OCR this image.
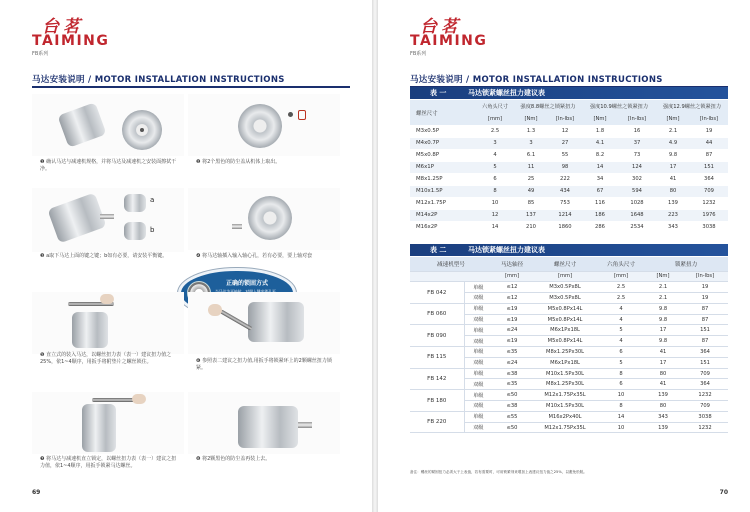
台茗
TAIMING
FB系列
马达安装说明 / MOTOR INSTALLATION INSTRUCTIONS
❶ 确认马达与减速机规格，并将马达及减速机之安装面擦拭干净。
❷ 将2个黑色的防尘盖从机体上取出。
a
b
❸ a取下马达上面的键之键；b如有必要，请安装平衡键。	❹ 将马达轴插入输入轴心孔，若有必要，要上轴对套
正确的锁固方式
❺ 直立式的装入马达，以螺丝扭力表（表一）建议扭力值之25%，依1~4顺序，用扳手将附垫片之螺丝锁住。	❻ 参照表二建议之扭力值,用扳手将锁紧环上的2颗螺丝扭力锁紧。
❼ 将马达与减速机直立锁定，以螺丝扭力表（表一）建议之扭力值，依1~4顺序，用扳手锁紧马达螺丝。
❽ 将2颗黑色的防尘盖再装上去。
69
台茗
TAIMING
FB系列
马达安装说明 / MOTOR INSTALLATION INSTRUCTIONS
表 一	马达锁紧螺丝扭力建议表
螺丝尺寸	六角头尺寸	强度8.8螺丝之锁紧扭力		强度10.9螺丝之锁紧扭力		强度12.9螺丝之锁紧扭力	
	[mm]	[Nm]	[In-lbs]	[Nm]	[In-lbs]	[Nm]	[In-lbs]
M3x0.5P	2.5	1.3	12	1.8	16	2.1	19
M4x0.7P	3	3	27	4.1	37	4.9	44
M5x0.8P	4	6.1	55	8.2	73	9.8	87
M6x1P	5	11	98	14	124	17	151
M8x1.25P	6	25	222	34	302	41	364
M10x1.5P	8	49	434	67	594	80	709
M12x1.75P	10	85	753	116	1028	139	1232
M14x2P	12	137	1214	186	1648	223	1976
M16x2P	14	210	1860	286	2534	343	3038
表 二	马达锁紧螺丝扭力建议表
减速机型号		马达轴径	螺丝尺寸	六角头尺寸	锁紧扭力	
		[mm]	[mm]	[mm]	[Nm]	[In-lbs]
FB 042	单级	≤12	M3x0.5Px8L	2.5	2.1	19
	双级	≤12	M3x0.5Px8L	2.5	2.1	19
FB 060	单级	≤19	M5x0.8Px14L	4	9.8	87
	双级	≤19	M5x0.8Px14L	4	9.8	87
FB 090	单级	≤24	M6x1Px18L	5	17	151
	双级	≤19	M5x0.8Px14L	4	9.8	87
FB 115	单级	≤35	M8x1.25Px30L	6	41	364
	双级	≤24	M6x1Px18L	5	17	151
FB 142	单级	≤38	M10x1.5Px30L	8	80	709
	双级	≤35	M8x1.25Px30L	6	41	364
FB 180	单级	≤50	M12x1.75Px35L	10	139	1232
	双级	≤38	M10x1.5Px30L	8	80	709
FB 220	单级	≤55	M16x2Px40L	14	343	3038
	双级	≤50	M12x1.75Px35L	10	139	1232
备注：螺丝的紧固扭力必须大于上表值，若有需要时，可用锁紧剂来增加上表建议扭力值之25%，以避免松脱。
70
